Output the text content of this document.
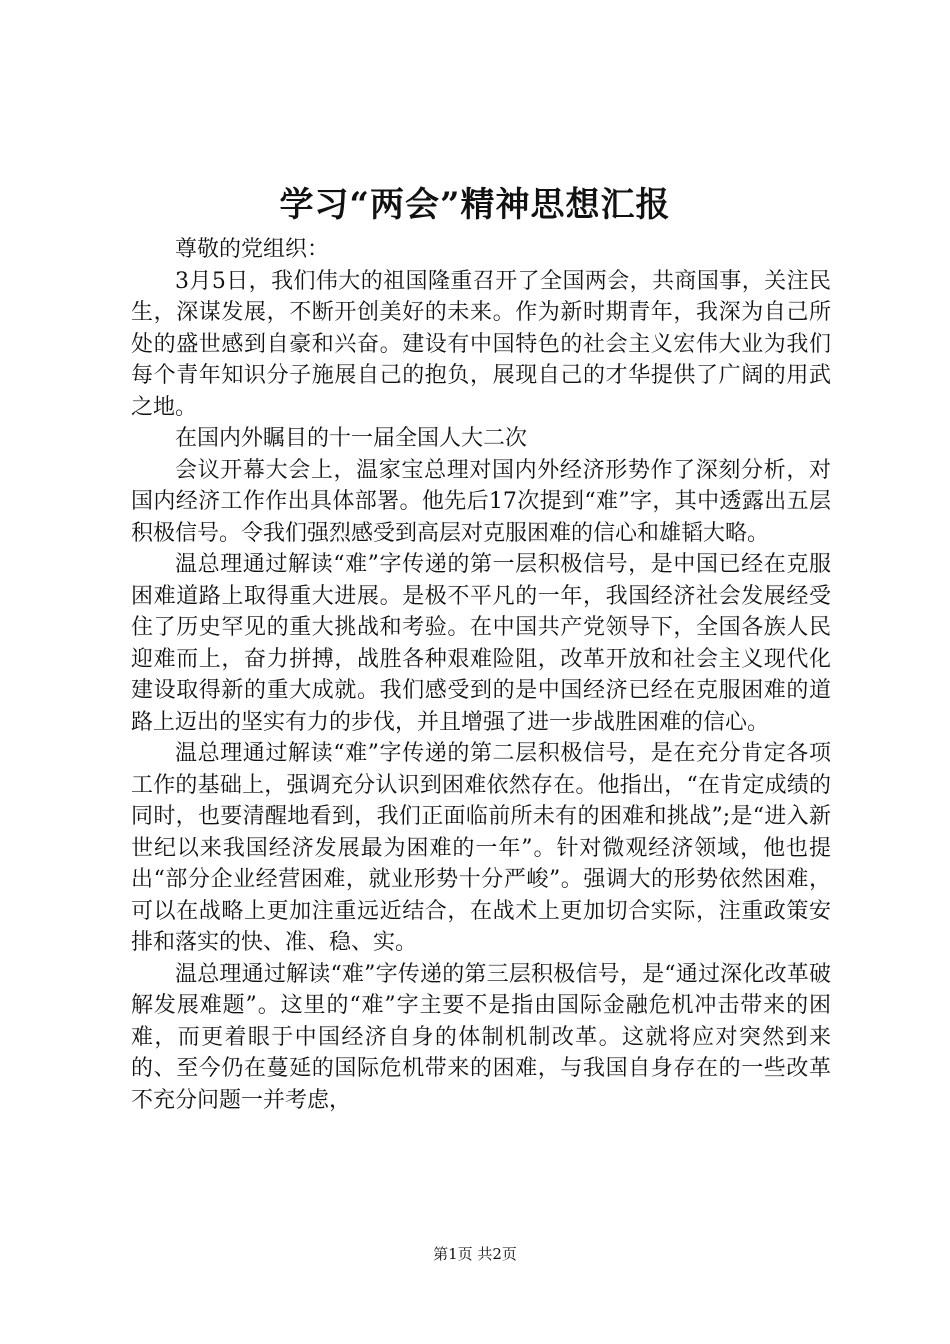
学习“两会”精神思想汇报

尊敬的党组织：

3月5日，我们伟大的祖国隆重召开了全国两会，共商国事，关注民生，深谋发展，不断开创美好的未来。作为新时期青年，我深为自己所处的盛世感到自豪和兴奋。建设有中国特色的社会主义宏伟大业为我们每个青年知识分子施展自己的抱负，展现自己的才华提供了广阔的用武之地。

在国内外瞩目的十一届全国人大二次

会议开幕大会上，温家宝总理对国内外经济形势作了深刻分析，对国内经济工作作出具体部署。他先后17次提到“难”字，其中透露出五层积极信号。令我们强烈感受到高层对克服困难的信心和雄韬大略。

温总理通过解读“难”字传递的第一层积极信号，是中国已经在克服困难道路上取得重大进展。是极不平凡的一年，我国经济社会发展经受住了历史罕见的重大挑战和考验。在中国共产党领导下，全国各族人民迎难而上，奋力拼搏，战胜各种艰难险阻，改革开放和社会主义现代化建设取得新的重大成就。我们感受到的是中国经济已经在克服困难的道路上迈出的坚实有力的步伐，并且增强了进一步战胜困难的信心。

温总理通过解读“难”字传递的第二层积极信号，是在充分肯定各项工作的基础上，强调充分认识到困难依然存在。他指出，“在肯定成绩的同时，也要清醒地看到，我们正面临前所未有的困难和挑战”;是“进入新世纪以来我国经济发展最为困难的一年”。针对微观经济领域，他也提出“部分企业经营困难，就业形势十分严峻”。强调大的形势依然困难，可以在战略上更加注重远近结合，在战术上更加切合实际，注重政策安排和落实的快、准、稳、实。

温总理通过解读“难”字传递的第三层积极信号，是“通过深化改革破解发展难题”。这里的“难”字主要不是指由国际金融危机冲击带来的困难，而更着眼于中国经济自身的体制机制改革。这就将应对突然到来的、至今仍在蔓延的国际危机带来的困难，与我国自身存在的一些改革不充分问题一并考虑，

第1页 共2页
